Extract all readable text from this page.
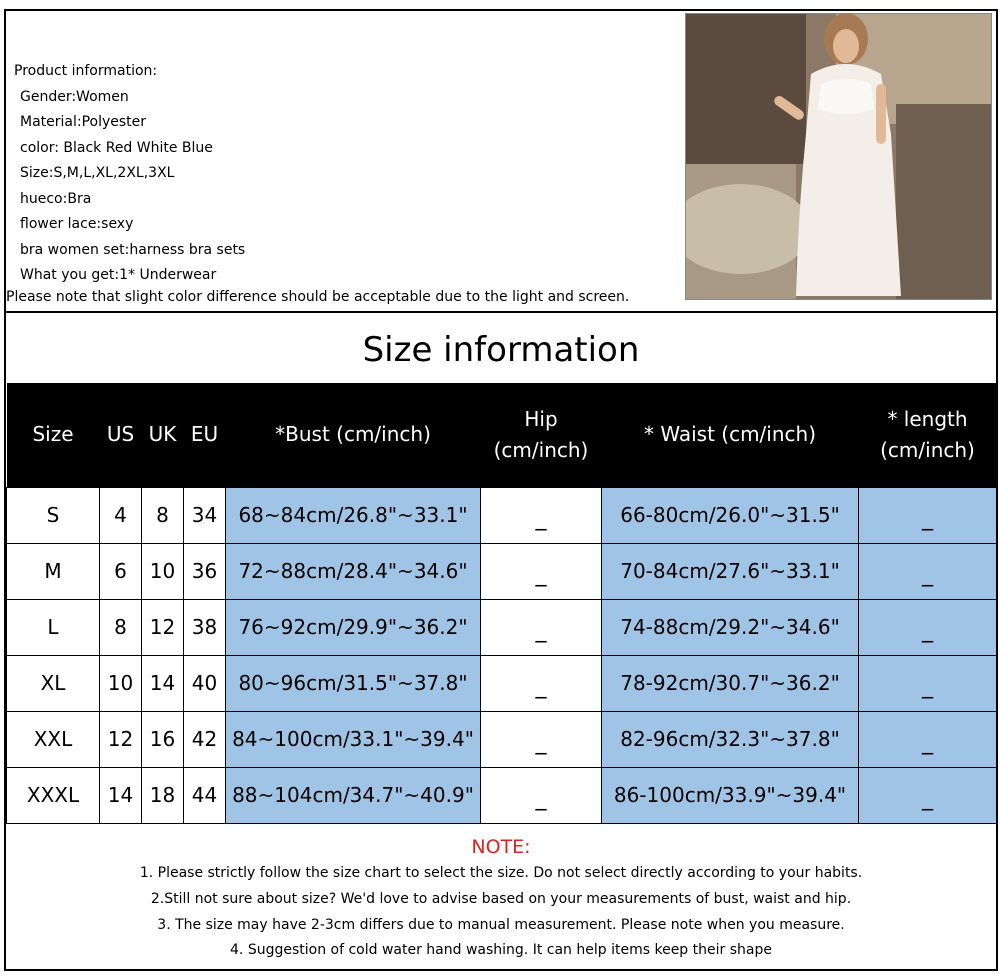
Product information:
Gender:Women
Material:Polyester
color: Black Red White Blue
Size:S,M,L,XL,2XL,3XL
hueco:Bra
flower lace:sexy
bra women set:harness bra sets
What you get:1* Underwear
Please note that slight color difference should be acceptable due to the light and screen.
Size information
Size	US	UK	EU	*Bust (cm/inch)	Hip
(cm/inch)	* Waist (cm/inch)	* length
(cm/inch)
S	4	8	34	68~84cm/26.8"~33.1"	_	66-80cm/26.0"~31.5"	_
M	6	10	36	72~88cm/28.4"~34.6"	_	70-84cm/27.6"~33.1"	_
L	8	12	38	76~92cm/29.9"~36.2"	_	74-88cm/29.2"~34.6"	_
XL	10	14	40	80~96cm/31.5"~37.8"	_	78-92cm/30.7"~36.2"	_
XXL	12	16	42	84~100cm/33.1"~39.4"	_	82-96cm/32.3"~37.8"	_
XXXL	14	18	44	88~104cm/34.7"~40.9"	_	86-100cm/33.9"~39.4"	_
NOTE:
1. Please strictly follow the size chart to select the size. Do not select directly according to your habits.
2.Still not sure about size? We'd love to advise based on your measurements of bust, waist and hip.
3. The size may have 2-3cm differs due to manual measurement. Please note when you measure.
4. Suggestion of cold water hand washing. It can help items keep their shape
